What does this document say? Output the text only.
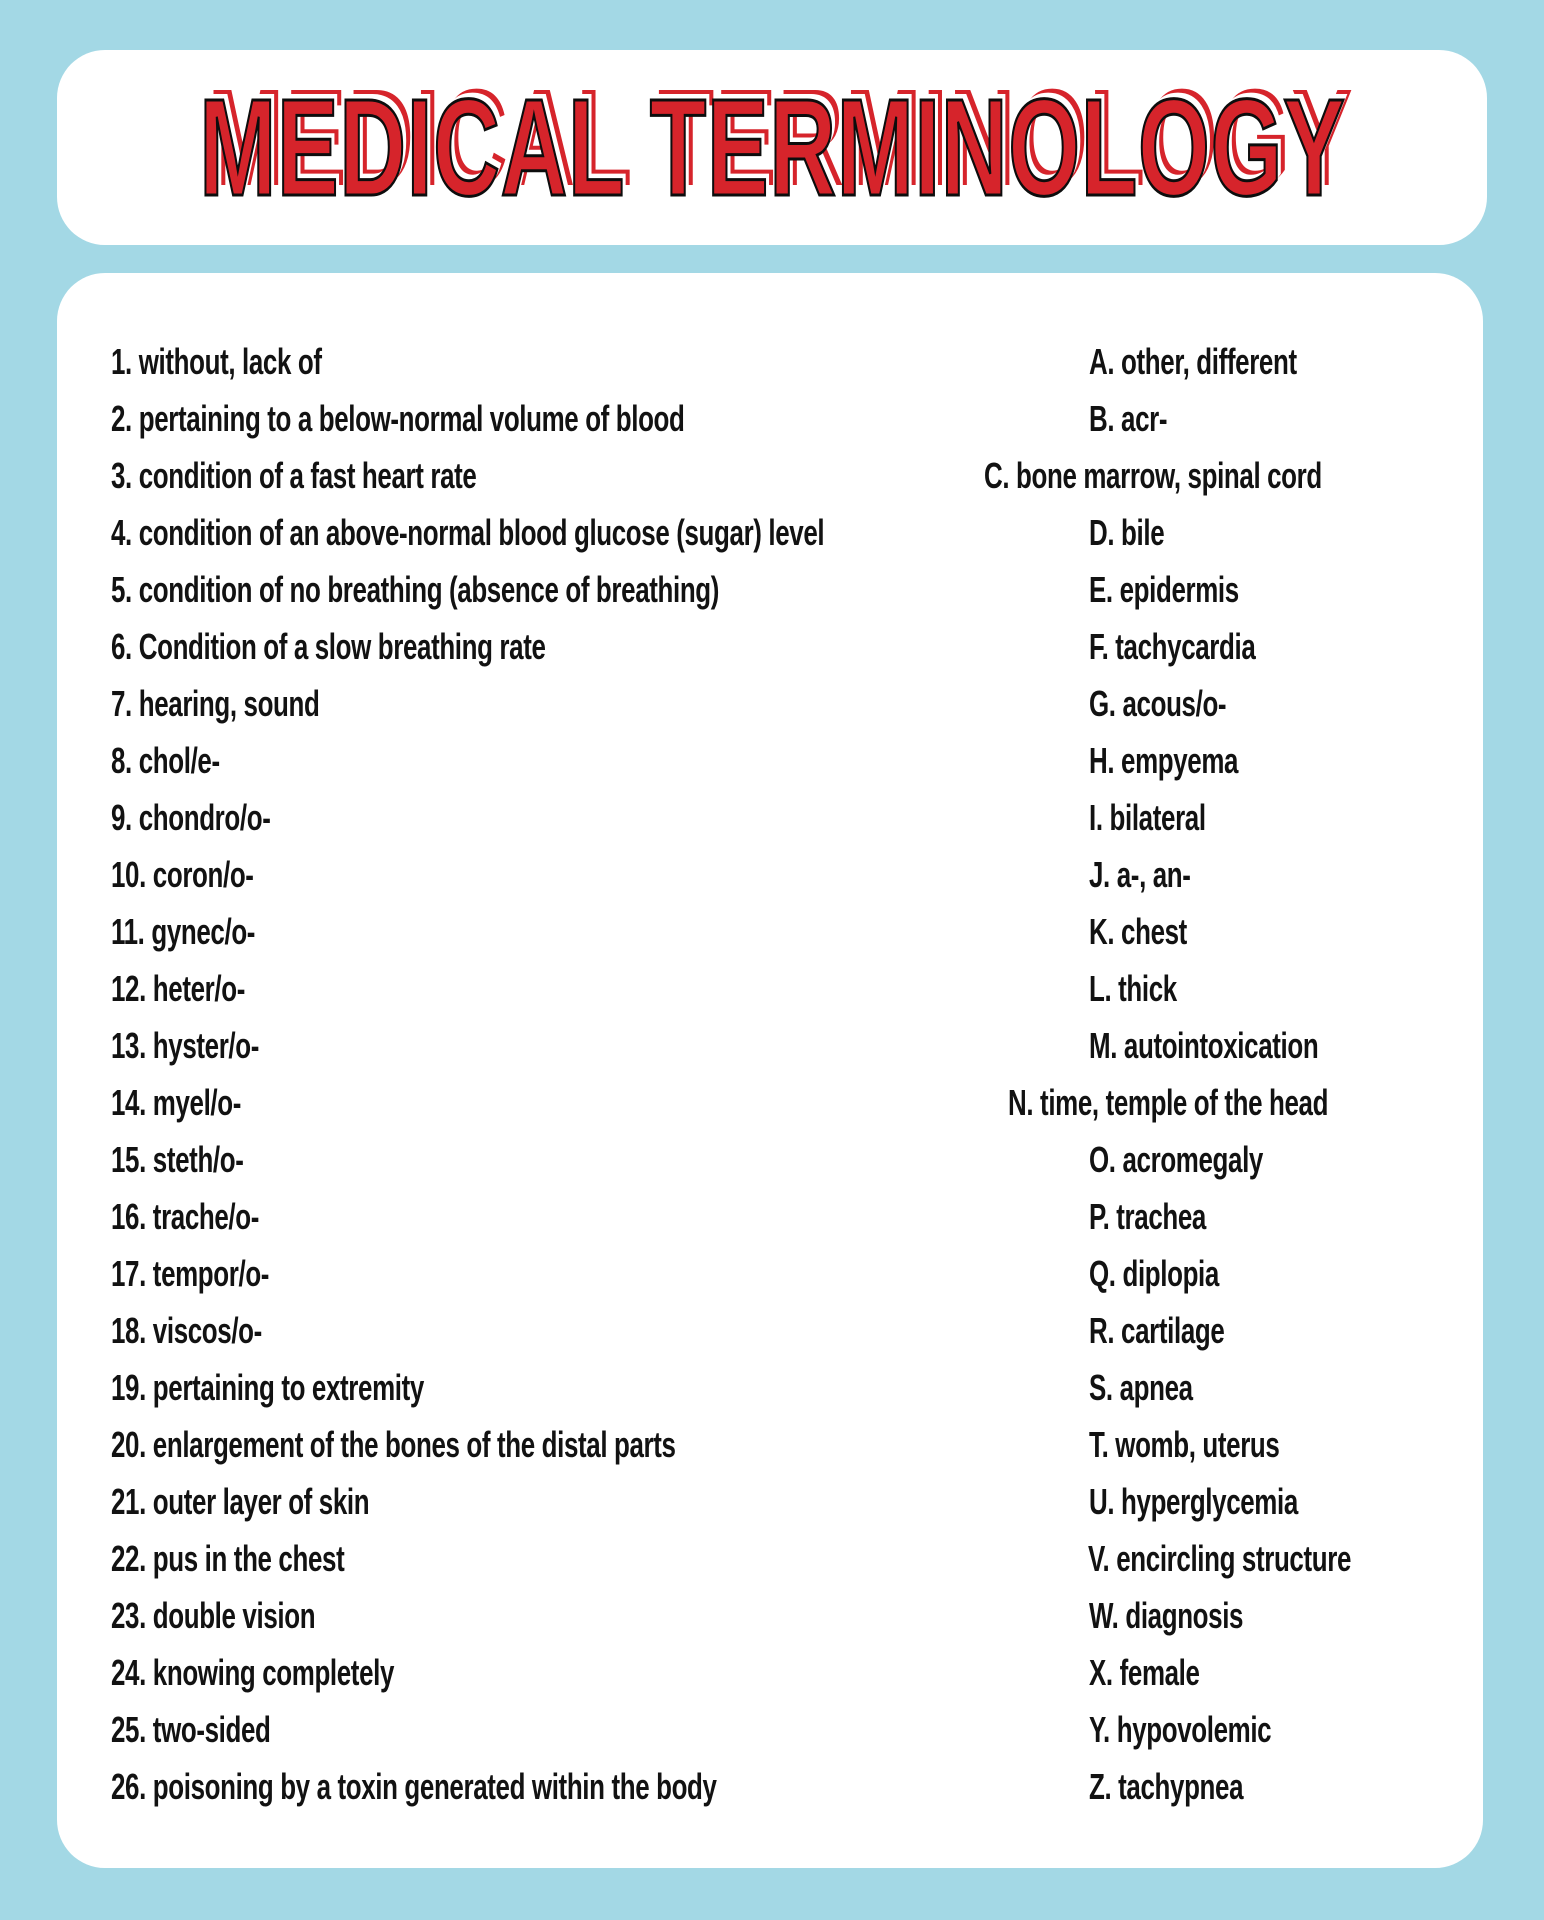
MEDICAL TERMINOLOGY
1. without, lack of	A. other, different
2. pertaining to a below-normal volume of blood	B. acr-
3. condition of a fast heart rate	C. bone marrow, spinal cord
4. condition of an above-normal blood glucose (sugar) level	D. bile
5. condition of no breathing (absence of breathing)	E. epidermis
6. Condition of a slow breathing rate	F. tachycardia
7. hearing, sound	G. acous/o-
8. chol/e-	H. empyema
9. chondro/o-	I. bilateral
10. coron/o-	J. a-, an-
11. gynec/o-	K. chest
12. heter/o-	L. thick
13. hyster/o-	M. autointoxication
14. myel/o-	N. time, temple of the head
15. steth/o-	O. acromegaly
16. trache/o-	P. trachea
17. tempor/o-	Q. diplopia
18. viscos/o-	R. cartilage
19. pertaining to extremity	S. apnea
20. enlargement of the bones of the distal parts	T. womb, uterus
21. outer layer of skin	U. hyperglycemia
22. pus in the chest	V. encircling structure
23. double vision	W. diagnosis
24. knowing completely	X. female
25. two-sided	Y. hypovolemic
26. poisoning by a toxin generated within the body	Z. tachypnea
